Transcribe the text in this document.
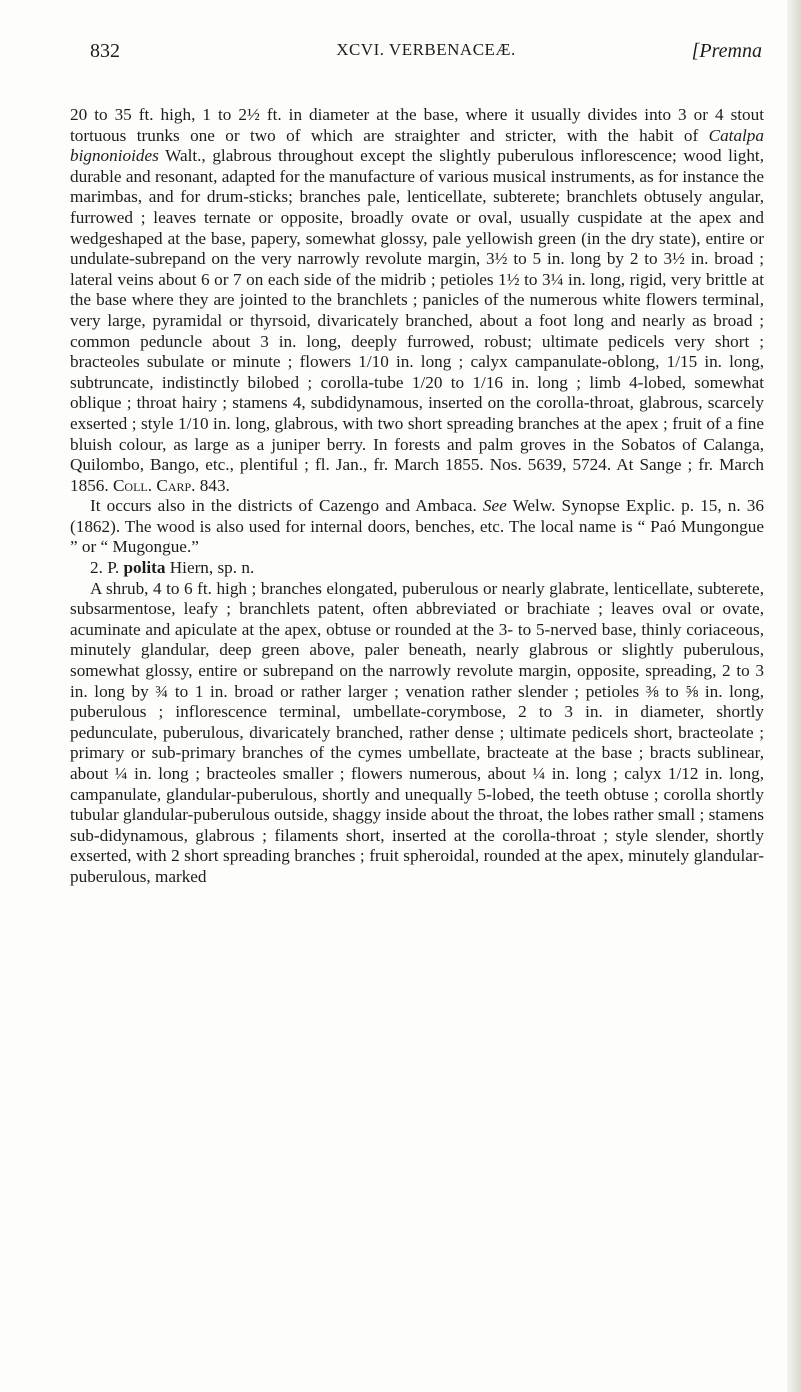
832	XCVI. VERBENACEÆ.	[Premna

20 to 35 ft. high, 1 to 2½ ft. in diameter at the base, where it usually divides into 3 or 4 stout tortuous trunks one or two of which are straighter and stricter, with the habit of Catalpa bignonioides Walt., glabrous throughout except the slightly puberulous inflorescence; wood light, durable and resonant, adapted for the manufacture of various musical instruments, as for instance the marimbas, and for drum-sticks; branches pale, lenticellate, subterete; branchlets obtusely angular, furrowed ; leaves ternate or opposite, broadly ovate or oval, usually cuspidate at the apex and wedgeshaped at the base, papery, somewhat glossy, pale yellowish green (in the dry state), entire or undulate-subrepand on the very narrowly revolute margin, 3½ to 5 in. long by 2 to 3½ in. broad ; lateral veins about 6 or 7 on each side of the midrib ; petioles 1½ to 3¼ in. long, rigid, very brittle at the base where they are jointed to the branchlets ; panicles of the numerous white flowers terminal, very large, pyramidal or thyrsoid, divaricately branched, about a foot long and nearly as broad ; common peduncle about 3 in. long, deeply furrowed, robust; ultimate pedicels very short ; bracteoles subulate or minute ; flowers 1/10 in. long ; calyx campanulate-oblong, 1/15 in. long, subtruncate, indistinctly bilobed ; corolla-tube 1/20 to 1/16 in. long ; limb 4-lobed, somewhat oblique ; throat hairy ; stamens 4, subdidynamous, inserted on the corolla-throat, glabrous, scarcely exserted ; style 1/10 in. long, glabrous, with two short spreading branches at the apex ; fruit of a fine bluish colour, as large as a juniper berry. In forests and palm groves in the Sobatos of Calanga, Quilombo, Bango, etc., plentiful ; fl. Jan., fr. March 1855. Nos. 5639, 5724. At Sange ; fr. March 1856. Coll. Carp. 843.

It occurs also in the districts of Cazengo and Ambaca. See Welw. Synopse Explic. p. 15, n. 36 (1862). The wood is also used for internal doors, benches, etc. The local name is “ Paó Mungongue ” or “ Mugongue.”

2. P. polita Hiern, sp. n.

A shrub, 4 to 6 ft. high ; branches elongated, puberulous or nearly glabrate, lenticellate, subterete, subsarmentose, leafy ; branchlets patent, often abbreviated or brachiate ; leaves oval or ovate, acuminate and apiculate at the apex, obtuse or rounded at the 3- to 5-nerved base, thinly coriaceous, minutely glandular, deep green above, paler beneath, nearly glabrous or slightly puberulous, somewhat glossy, entire or subrepand on the narrowly revolute margin, opposite, spreading, 2 to 3 in. long by ¾ to 1 in. broad or rather larger ; venation rather slender ; petioles ⅜ to ⅝ in. long, puberulous ; inflorescence terminal, umbellate-corymbose, 2 to 3 in. in diameter, shortly pedunculate, puberulous, divaricately branched, rather dense ; ultimate pedicels short, bracteolate ; primary or sub-primary branches of the cymes umbellate, bracteate at the base ; bracts sublinear, about ¼ in. long ; bracteoles smaller ; flowers numerous, about ¼ in. long ; calyx 1/12 in. long, campanulate, glandular-puberulous, shortly and unequally 5-lobed, the teeth obtuse ; corolla shortly tubular glandular-puberulous outside, shaggy inside about the throat, the lobes rather small ; stamens sub-didynamous, glabrous ; filaments short, inserted at the corolla-throat ; style slender, shortly exserted, with 2 short spreading branches ; fruit spheroidal, rounded at the apex, minutely glandular-puberulous, marked
